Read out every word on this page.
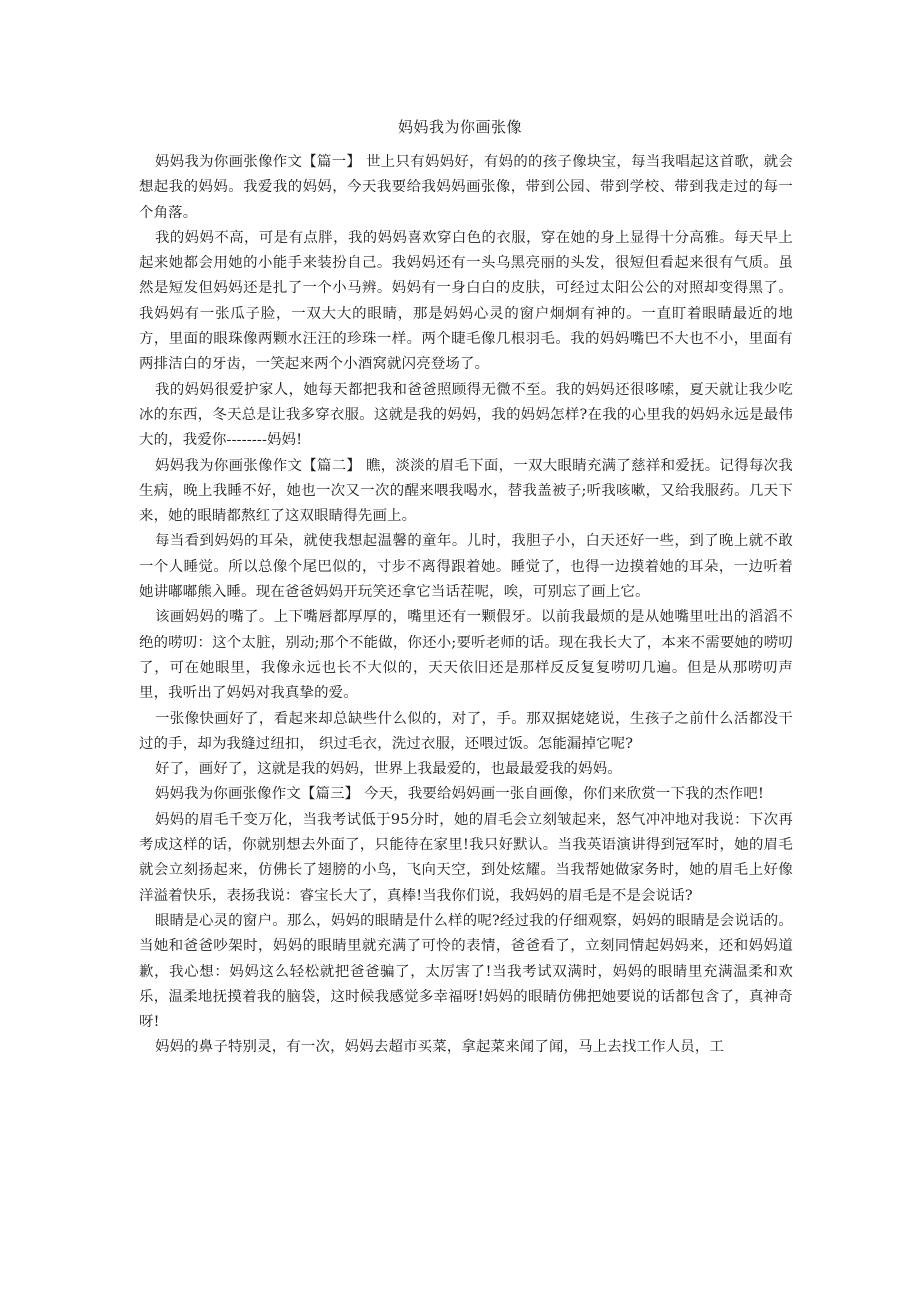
妈妈我为你画张像

妈妈我为你画张像作文【篇一】 世上只有妈妈好，有妈的的孩子像块宝，每当我唱起这首歌，就会想起我的妈妈。我爱我的妈妈，今天我要给我妈妈画张像，带到公园、带到学校、带到我走过的每一个角落。

我的妈妈不高，可是有点胖，我的妈妈喜欢穿白色的衣服，穿在她的身上显得十分高雅。每天早上起来她都会用她的小能手来装扮自己。我妈妈还有一头乌黑亮丽的头发，很短但看起来很有气质。虽然是短发但妈妈还是扎了一个小马辨。妈妈有一身白白的皮肤，可经过太阳公公的对照却变得黑了。我妈妈有一张瓜子脸，一双大大的眼睛，那是妈妈心灵的窗户炯炯有神的。一直盯着眼睛最近的地方，里面的眼珠像两颗水汪汪的珍珠一样。两个睫毛像几根羽毛。我的妈妈嘴巴不大也不小，里面有两排洁白的牙齿，一笑起来两个小酒窝就闪亮登场了。

我的妈妈很爱护家人，她每天都把我和爸爸照顾得无微不至。我的妈妈还很哆嗦，夏天就让我少吃冰的东西，冬天总是让我多穿衣服。这就是我的妈妈，我的妈妈怎样?在我的心里我的妈妈永远是最伟大的，我爱你--------妈妈!

妈妈我为你画张像作文【篇二】 瞧，淡淡的眉毛下面，一双大眼睛充满了慈祥和爱抚。记得每次我生病，晚上我睡不好，她也一次又一次的醒来喂我喝水，替我盖被子;听我咳嗽，又给我服药。几天下来，她的眼睛都熬红了这双眼睛得先画上。

每当看到妈妈的耳朵，就使我想起温馨的童年。儿时，我胆子小，白天还好一些，到了晚上就不敢一个人睡觉。所以总像个尾巴似的，寸步不离得跟着她。睡觉了，也得一边摸着她的耳朵，一边听着她讲嘟嘟熊入睡。现在爸爸妈妈开玩笑还拿它当话茬呢，唉，可别忘了画上它。

该画妈妈的嘴了。上下嘴唇都厚厚的，嘴里还有一颗假牙。以前我最烦的是从她嘴里吐出的滔滔不绝的唠叨：这个太脏，别动;那个不能做，你还小;要听老师的话。现在我长大了，本来不需要她的唠叨了，可在她眼里，我像永远也长不大似的，天天依旧还是那样反反复复唠叨几遍。但是从那唠叨声里，我听出了妈妈对我真挚的爱。

一张像快画好了，看起来却总缺些什么似的，对了，手。那双据姥姥说，生孩子之前什么活都没干过的手，却为我缝过纽扣， 织过毛衣，洗过衣服，还喂过饭。怎能漏掉它呢?

好了，画好了，这就是我的妈妈，世界上我最爱的，也最最爱我的妈妈。

妈妈我为你画张像作文【篇三】 今天，我要给妈妈画一张自画像，你们来欣赏一下我的杰作吧!

妈妈的眉毛千变万化，当我考试低于95分时，她的眉毛会立刻皱起来，怒气冲冲地对我说：下次再考成这样的话，你就别想去外面了，只能待在家里!我只好默认。当我英语演讲得到冠军时，她的眉毛就会立刻扬起来，仿佛长了翅膀的小鸟，飞向天空，到处炫耀。当我帮她做家务时，她的眉毛上好像洋溢着快乐，表扬我说：睿宝长大了，真棒!当我你们说，我妈妈的眉毛是不是会说话?

眼睛是心灵的窗户。那么，妈妈的眼睛是什么样的呢?经过我的仔细观察，妈妈的眼睛是会说话的。当她和爸爸吵架时，妈妈的眼睛里就充满了可怜的表情，爸爸看了，立刻同情起妈妈来，还和妈妈道歉，我心想：妈妈这么轻松就把爸爸骗了，太厉害了!当我考试双满时，妈妈的眼睛里充满温柔和欢乐，温柔地抚摸着我的脑袋，这时候我感觉多幸福呀!妈妈的眼睛仿佛把她要说的话都包含了，真神奇呀!

妈妈的鼻子特别灵，有一次，妈妈去超市买菜，拿起菜来闻了闻，马上去找工作人员，工
